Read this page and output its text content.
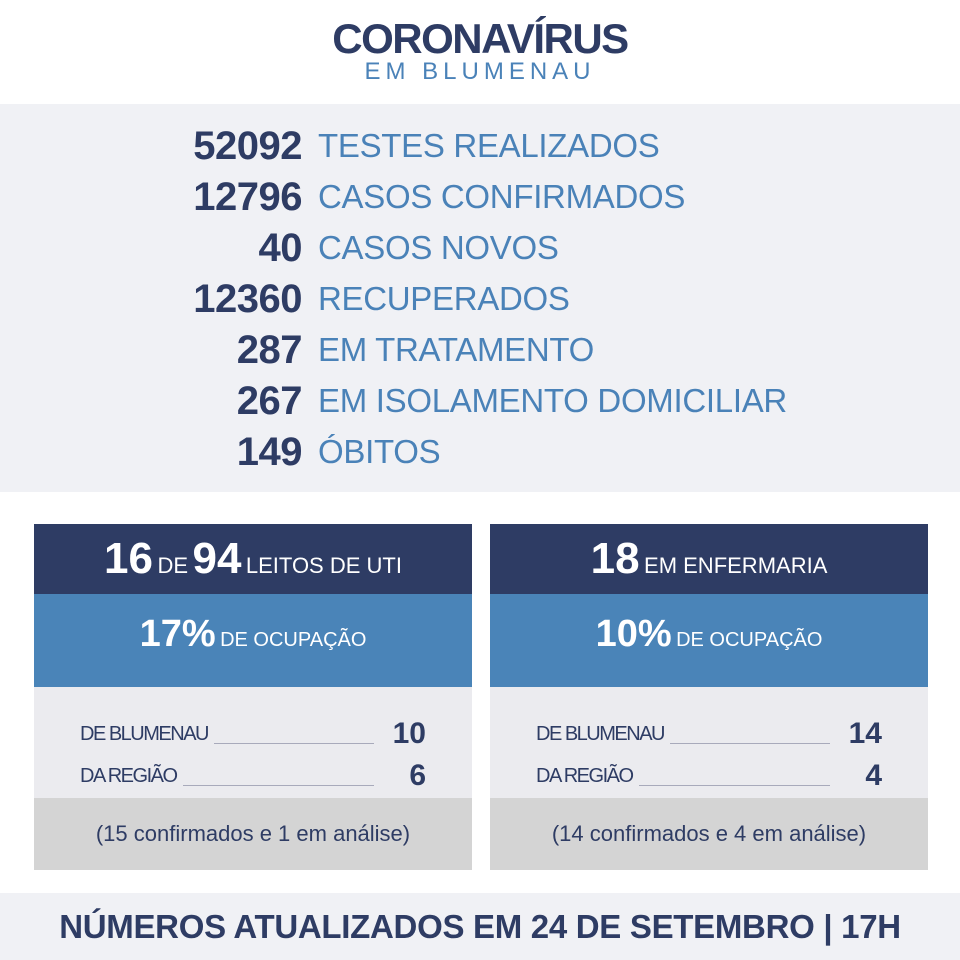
CORONAVÍRUS
EM BLUMENAU
52092 TESTES REALIZADOS
12796 CASOS CONFIRMADOS
40 CASOS NOVOS
12360 RECUPERADOS
287 EM TRATAMENTO
267 EM ISOLAMENTO DOMICILIAR
149 ÓBITOS
16 DE 94 LEITOS DE UTI
17% DE OCUPAÇÃO
DE BLUMENAU	10
DA REGIÃO	6
(15 confirmados e 1 em análise)
18 EM ENFERMARIA
10% DE OCUPAÇÃO
DE BLUMENAU	14
DA REGIÃO	4
(14 confirmados e 4 em análise)
NÚMEROS ATUALIZADOS EM 24 DE SETEMBRO | 17H
